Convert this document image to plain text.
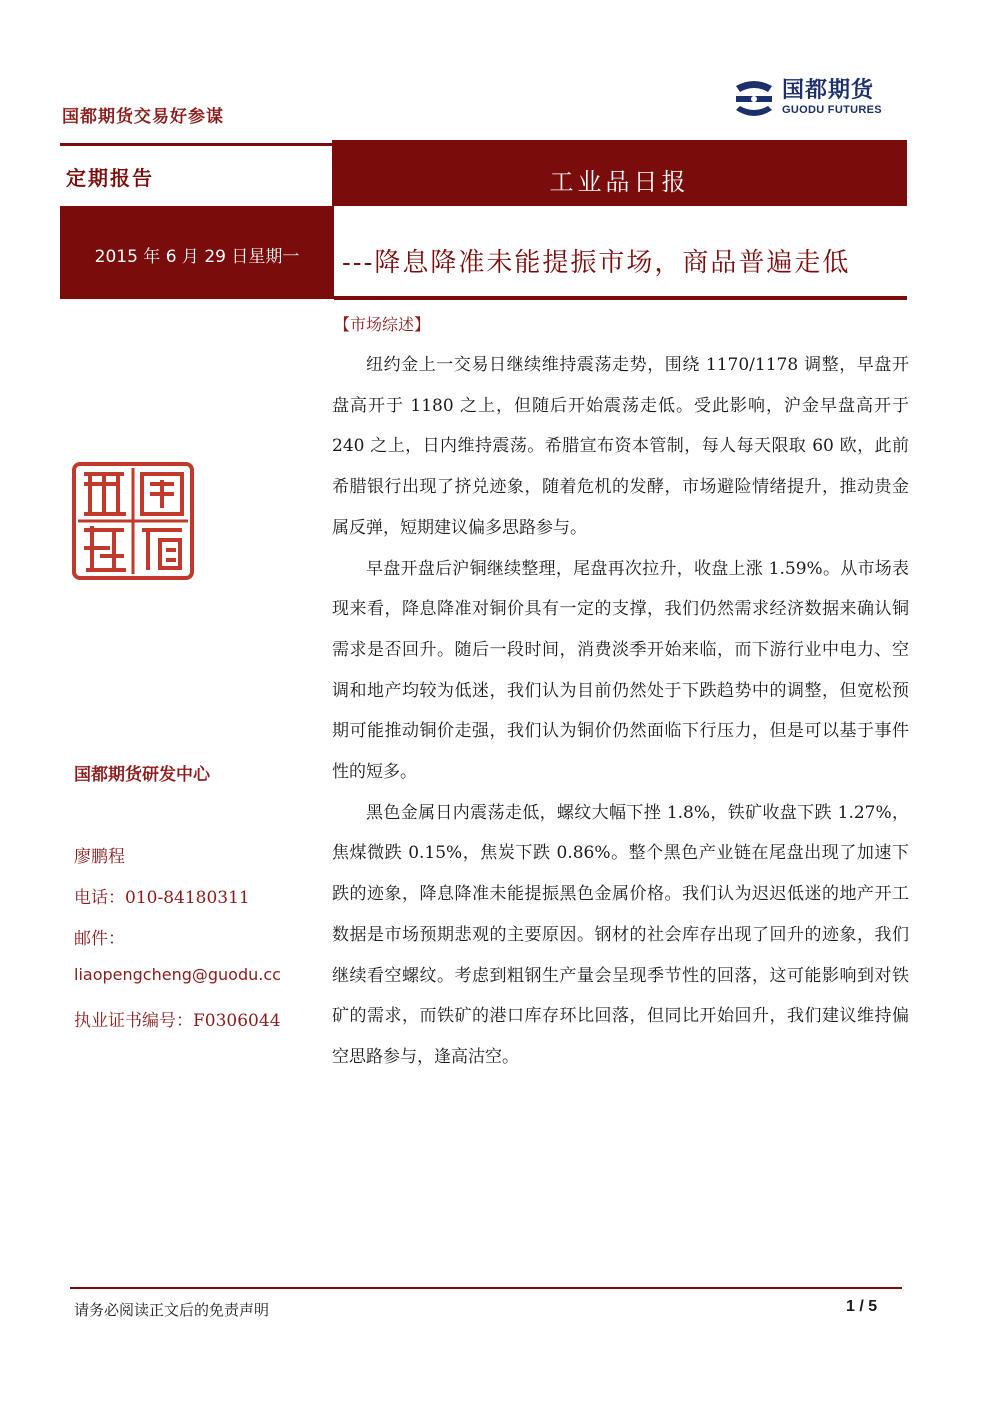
国都期货交易好参谋
国都期货
GUODU FUTURES
定期报告	工业品日报
2015 年 6 月 29 日星期一	---降息降准未能提振市场，商品普遍走低
【市场综述】

纽约金上一交易日继续维持震荡走势，围绕 1170/1178 调整，早盘开盘高开于 1180 之上，但随后开始震荡走低。受此影响，沪金早盘高开于 240 之上，日内维持震荡。希腊宣布资本管制，每人每天限取 60 欧，此前希腊银行出现了挤兑迹象，随着危机的发酵，市场避险情绪提升，推动贵金属反弹，短期建议偏多思路参与。

早盘开盘后沪铜继续整理，尾盘再次拉升，收盘上涨 1.59%。从市场表现来看，降息降准对铜价具有一定的支撑，我们仍然需求经济数据来确认铜需求是否回升。随后一段时间，消费淡季开始来临，而下游行业中电力、空调和地产均较为低迷，我们认为目前仍然处于下跌趋势中的调整，但宽松预期可能推动铜价走强，我们认为铜价仍然面临下行压力，但是可以基于事件性的短多。

黑色金属日内震荡走低，螺纹大幅下挫 1.8%，铁矿收盘下跌 1.27%，焦煤微跌 0.15%，焦炭下跌 0.86%。整个黑色产业链在尾盘出现了加速下跌的迹象，降息降准未能提振黑色金属价格。我们认为迟迟低迷的地产开工数据是市场预期悲观的主要原因。钢材的社会库存出现了回升的迹象，我们继续看空螺纹。考虑到粗钢生产量会呈现季节性的回落，这可能影响到对铁矿的需求，而铁矿的港口库存环比回落，但同比开始回升，我们建议维持偏空思路参与，逢高沽空。

国都期货研发中心
廖鹏程
电话：010-84180311
邮件：
liaopengcheng@guodu.cc
执业证书编号：F0306044
请务必阅读正文后的免责声明	1 / 5
